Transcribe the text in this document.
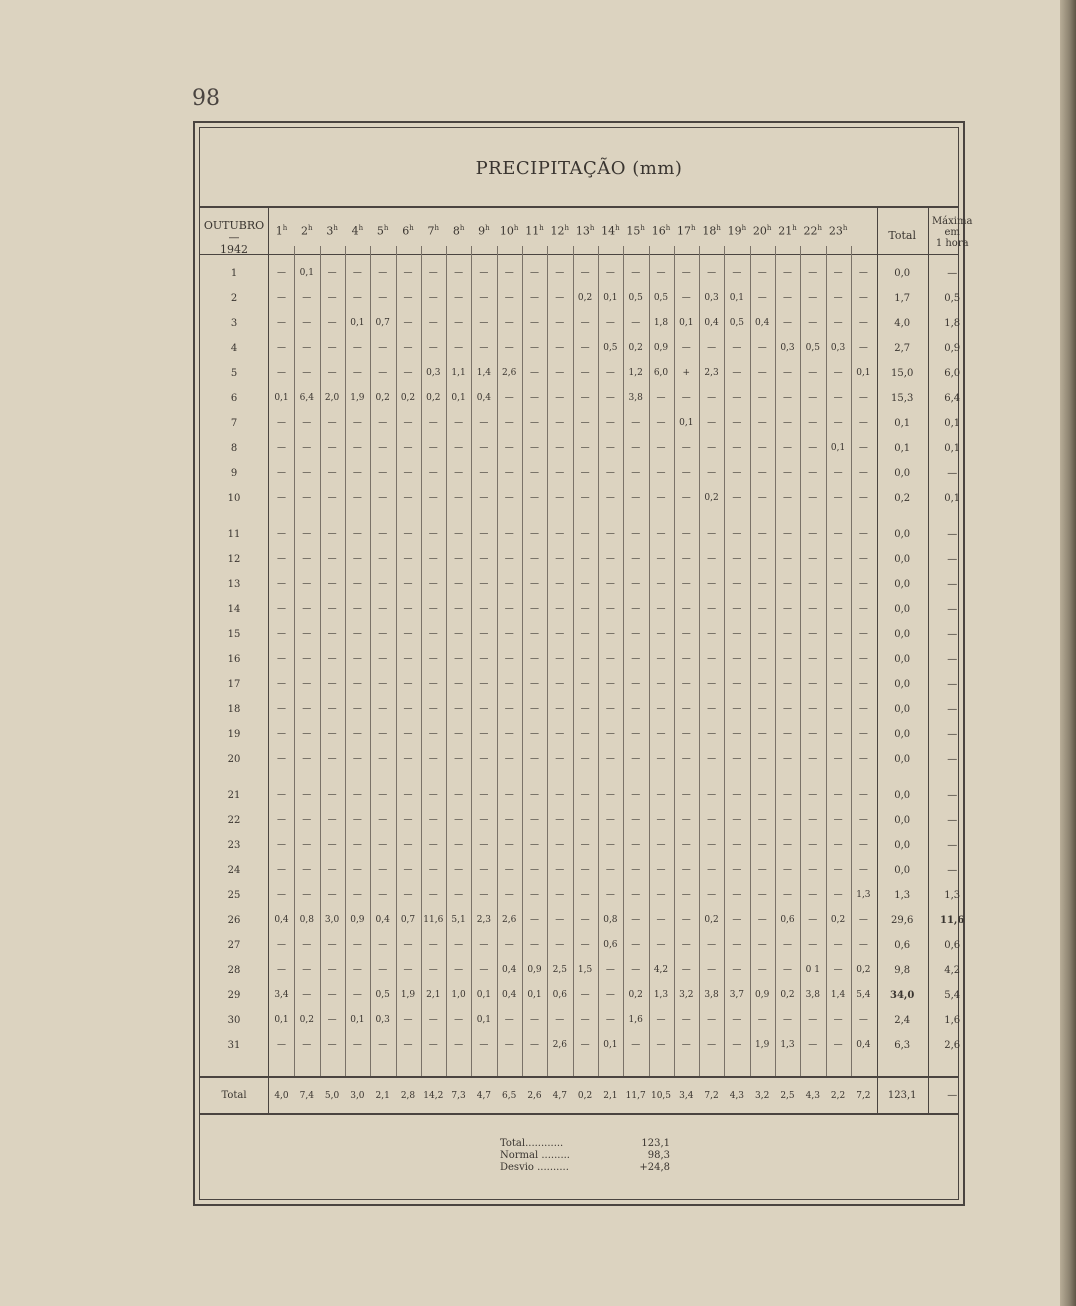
98
PRECIPITAÇÃO (mm)
OUTUBRO
—
1942
1$^h$	2$^h$	3$^h$	4$^h$	5$^h$	6$^h$	7$^h$	8$^h$	9$^h$ 10$^h$ 11$^h$ 12$^h$ 13$^h$ 14$^h$ 15$^h$ 16$^h$ 17$^h$ 18$^h$ 19$^h$ 20$^h$ 21$^h$ 22$^h$ 23$^h$
Total
Máxima
em
1 hora
1	—	0,1	—	—	—	—	—	—	—	—	—	—	—	—	—	—	—	—	—	—	—	—	—	—	0,0	—
2	—	—	—	—	—	—	—	—	—	—	—	—	0,2	0,1	0,5	0,5	—	0,3	0,1	—	—	—	—	—	1,7	0,5
3	—	—	—	0,1	0,7	—	—	—	—	—	—	—	—	—	—	1,8	0,1	0,4	0,5	0,4	—	—	—	—	4,0	1,8
4	—	—	—	—	—	—	—	—	—	—	—	—	—	0,5	0,2	0,9	—	—	—	—	0,3	0,5	0,3	—	2,7	0,9
5	—	—	—	—	—	—	0,3	1,1	1,4	2,6	—	—	—	—	1,2	6,0	+	2,3	—	—	—	—	—	0,1	15,0	6,0
6	0,1	6,4	2,0	1,9	0,2	0,2	0,2	0,1	0,4	—	—	—	—	—	3,8	—	—	—	—	—	—	—	—	—	15,3	6,4
7	—	—	—	—	—	—	—	—	—	—	—	—	—	—	—	—	0,1	—	—	—	—	—	—	—	0,1	0,1
8	—	—	—	—	—	—	—	—	—	—	—	—	—	—	—	—	—	—	—	—	—	—	0,1	—	0,1	0,1
9	—	—	—	—	—	—	—	—	—	—	—	—	—	—	—	—	—	—	—	—	—	—	—	—	0,0	—
10	—	—	—	—	—	—	—	—	—	—	—	—	—	—	—	—	—	0,2	—	—	—	—	—	—	0,2	0,1
11	—	—	—	—	—	—	—	—	—	—	—	—	—	—	—	—	—	—	—	—	—	—	—	—	0,0	—
12	—	—	—	—	—	—	—	—	—	—	—	—	—	—	—	—	—	—	—	—	—	—	—	—	0,0	—
13	—	—	—	—	—	—	—	—	—	—	—	—	—	—	—	—	—	—	—	—	—	—	—	—	0,0	—
14	—	—	—	—	—	—	—	—	—	—	—	—	—	—	—	—	—	—	—	—	—	—	—	—	0,0	—
15	—	—	—	—	—	—	—	—	—	—	—	—	—	—	—	—	—	—	—	—	—	—	—	—	0,0	—
16	—	—	—	—	—	—	—	—	—	—	—	—	—	—	—	—	—	—	—	—	—	—	—	—	0,0	—
17	—	—	—	—	—	—	—	—	—	—	—	—	—	—	—	—	—	—	—	—	—	—	—	—	0,0	—
18	—	—	—	—	—	—	—	—	—	—	—	—	—	—	—	—	—	—	—	—	—	—	—	—	0,0	—
19	—	—	—	—	—	—	—	—	—	—	—	—	—	—	—	—	—	—	—	—	—	—	—	—	0,0	—
20	—	—	—	—	—	—	—	—	—	—	—	—	—	—	—	—	—	—	—	—	—	—	—	—	0,0	—
21	—	—	—	—	—	—	—	—	—	—	—	—	—	—	—	—	—	—	—	—	—	—	—	—	0,0	—
22	—	—	—	—	—	—	—	—	—	—	—	—	—	—	—	—	—	—	—	—	—	—	—	—	0,0	—
23	—	—	—	—	—	—	—	—	—	—	—	—	—	—	—	—	—	—	—	—	—	—	—	—	0,0	—
24	—	—	—	—	—	—	—	—	—	—	—	—	—	—	—	—	—	—	—	—	—	—	—	—	0,0	—
25	—	—	—	—	—	—	—	—	—	—	—	—	—	—	—	—	—	—	—	—	—	—	—	1,3	1,3	1,3
26	0,4	0,8	3,0	0,9	0,4	0,7 11,6 5,1	2,3	2,6	—	—	—	0,8	—	—	—	0,2	—	—	0,6	—	0,2	—	29,6	11,6
27	—	—	—	—	—	—	—	—	—	—	—	—	—	0,6	—	—	—	—	—	—	—	—	—	—	0,6	0,6
28	—	—	—	—	—	—	—	—	—	0,4	0,9	2,5	1,5	—	—	4,2	—	—	—	—	—	0 1	—	0,2	9,8	4,2
29	3,4	—	—	—	0,5	1,9	2,1	1,0	0,1	0,4	0,1	0,6	—	—	0,2	1,3	3,2	3,8	3,7	0,9	0,2	3,8	1,4	5,4	34,0	5,4
30	0,1	0,2	—	0,1	0,3	—	—	—	0,1	—	—	—	—	—	1,6	—	—	—	—	—	—	—	—	—	2,4	1,6
31	—	—	—	—	—	—	—	—	—	—	—	2,6	—	0,1	—	—	—	—	—	1,9	1,3	—	—	0,4	6,3	2,6
Total	4,0	7,4	5,0	3,0	2,1	2,8 14,2 7,3	4,7	6,5	2,6	4,7	0,2	2,1 11,7 10,5 3,4	7,2	4,3	3,2	2,5	4,3	2,2	7,2	123,1	—
Total............	123,1
Normal .........	98,3
Desvio ..........	+24,8
